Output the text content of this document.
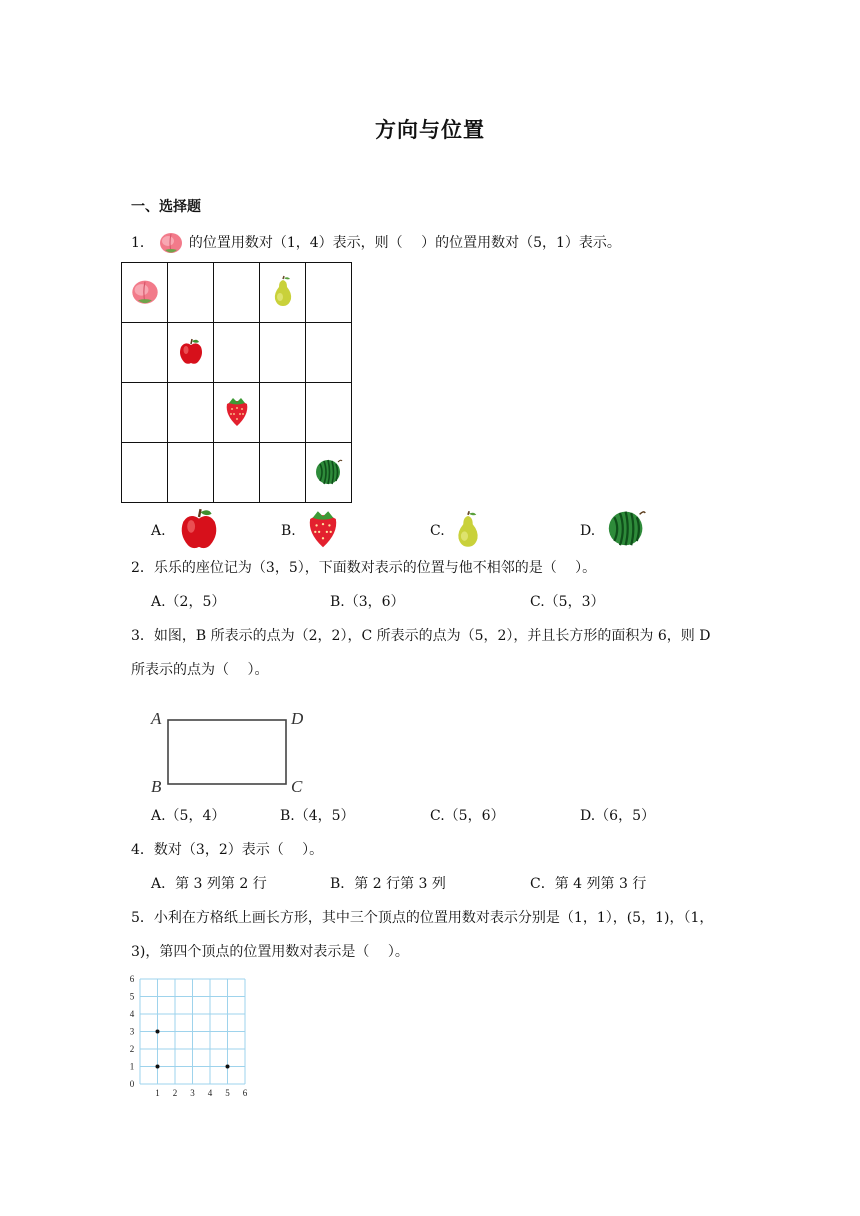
方向与位置
一、选择题
1． 的位置用数对（1，4）表示，则（　 ）的位置用数对（5，1）表示。

A.	B.	C.	D.
2．乐乐的座位记为（3，5），下面数对表示的位置与他不相邻的是（　 ）。
A.（2，5）	B.（3，6）	C.（5，3）
3．如图，B 所表示的点为（2，2），C 所表示的点为（5，2），并且长方形的面积为 6，则 D
所表示的点为（　 ）。
A	D
B	C
A.（5，4）	B.（4，5）	C.（5，6）	D.（6，5）
4．数对（3，2）表示（　 ）。
A．第 3 列第 2 行	B．第 2 行第 3 列	C．第 4 列第 3 行
5．小利在方格纸上画长方形，其中三个顶点的位置用数对表示分别是（1，1），(5，1)，（1，
3)，第四个顶点的位置用数对表示是（　 ）。
1 2 3 4 5 6
0
1
2
3
4
5
6
